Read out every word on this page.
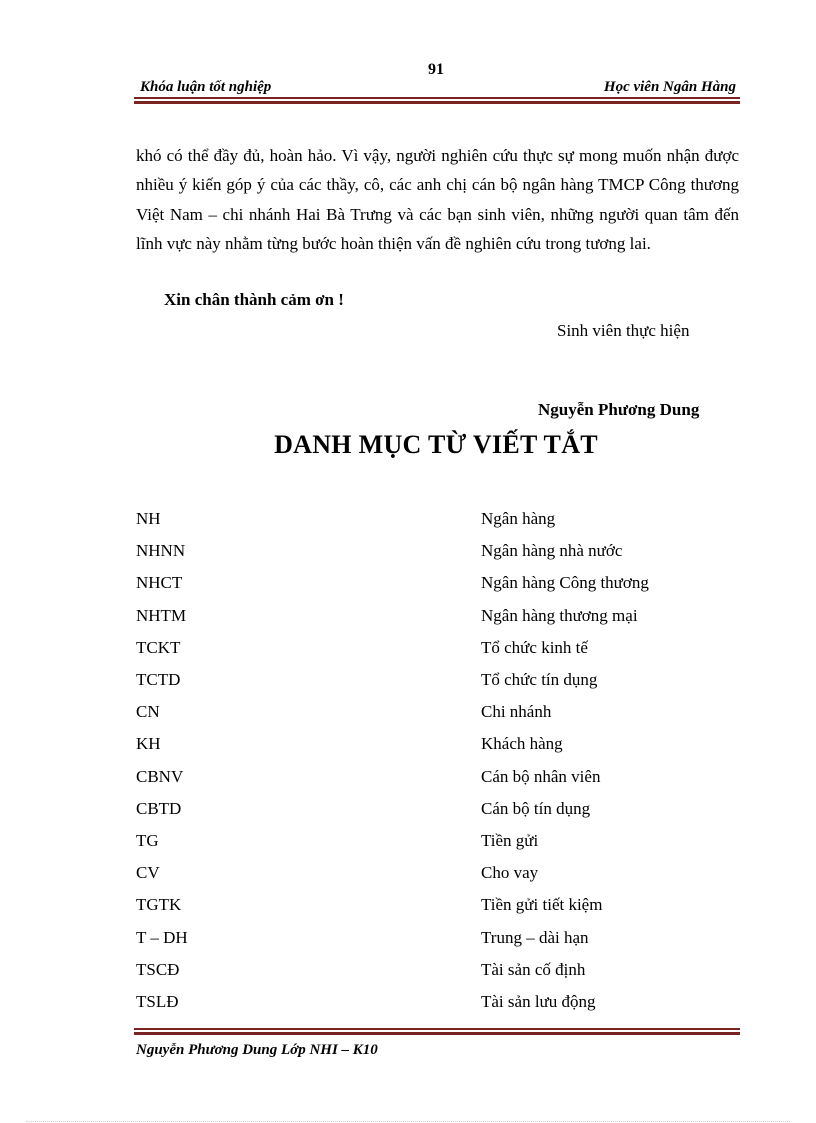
91
Khóa luận tốt nghiệp	Học viên Ngân Hàng
khó có thể đầy đủ, hoàn hảo. Vì vậy, người nghiên cứu thực sự mong muốn nhận được nhiều ý kiến góp ý của các thầy, cô, các anh chị cán bộ ngân hàng TMCP Công thương Việt Nam – chi nhánh Hai Bà Trưng và các bạn sinh viên, những người quan tâm đến lĩnh vực này nhằm từng bước hoàn thiện vấn đề nghiên cứu trong tương lai.
Xin chân thành cảm ơn !
Sinh viên thực hiện
Nguyễn Phương Dung
DANH MỤC TỪ VIẾT TẮT
NH	Ngân hàng
NHNN	Ngân hàng nhà nước
NHCT	Ngân hàng Công thương
NHTM	Ngân hàng thương mại
TCKT	Tổ chức kinh tế
TCTD	Tổ chức tín dụng
CN	Chi nhánh
KH	Khách hàng
CBNV	Cán bộ nhân viên
CBTD	Cán bộ tín dụng
TG	Tiền gửi
CV	Cho vay
TGTK	Tiền gửi tiết kiệm
T – DH	Trung – dài hạn
TSCĐ	Tài sản cố định
TSLĐ	Tài sản lưu động
Nguyễn Phương Dung Lớp NHI – K10
